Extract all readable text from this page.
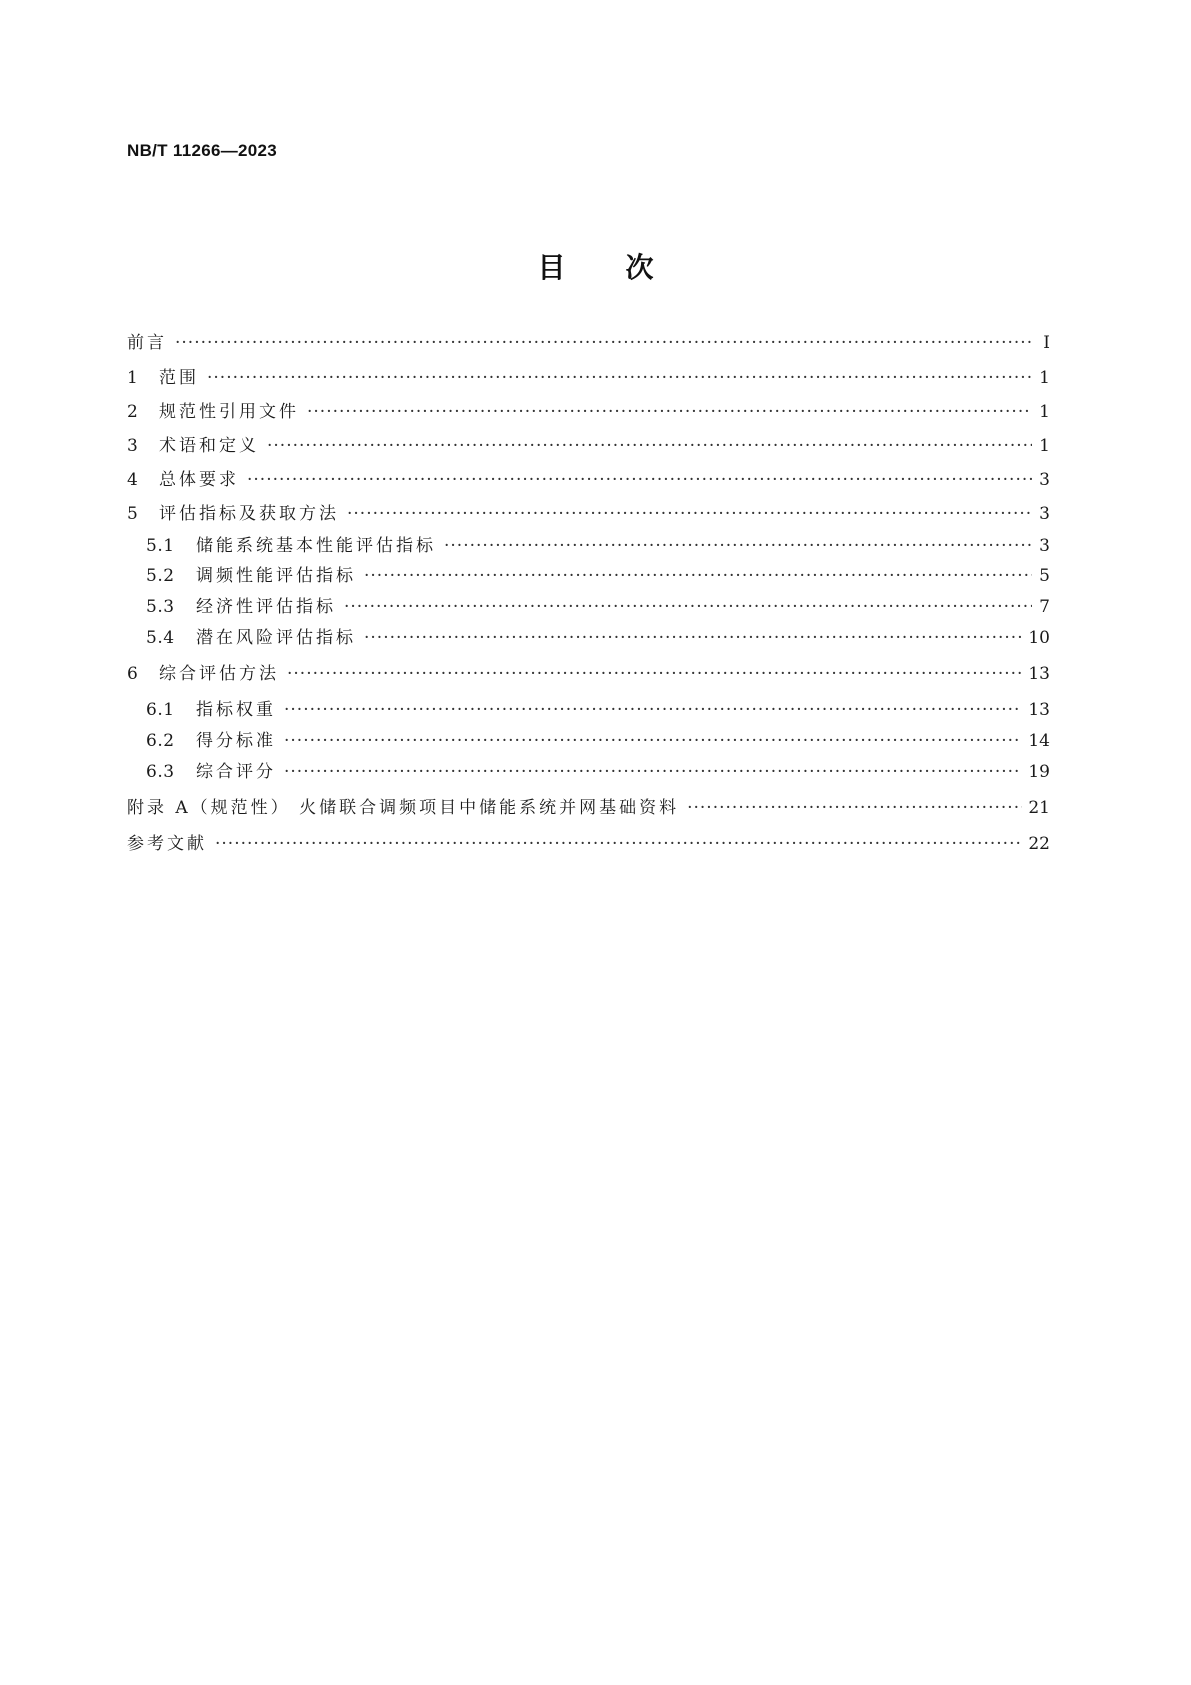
NB/T 11266—2023
目次
前言 ·····	Ⅰ
1	范围 ·····	1
2	规范性引用文件 ·····	1
3	术语和定义 ·····	1
4	总体要求 ·····	3
5	评估指标及获取方法 ·····	3
5.1	储能系统基本性能评估指标 ·····	3
5.2	调频性能评估指标 ·····	5
5.3	经济性评估指标 ·····	7
5.4	潜在风险评估指标 ·····	10
6	综合评估方法 ·····	13
6.1	指标权重 ·····	13
6.2	得分标准 ·····	14
6.3	综合评分 ·····	19
附录 A（规范性） 火储联合调频项目中储能系统并网基础资料 ·····	21
参考文献 ·····	22
